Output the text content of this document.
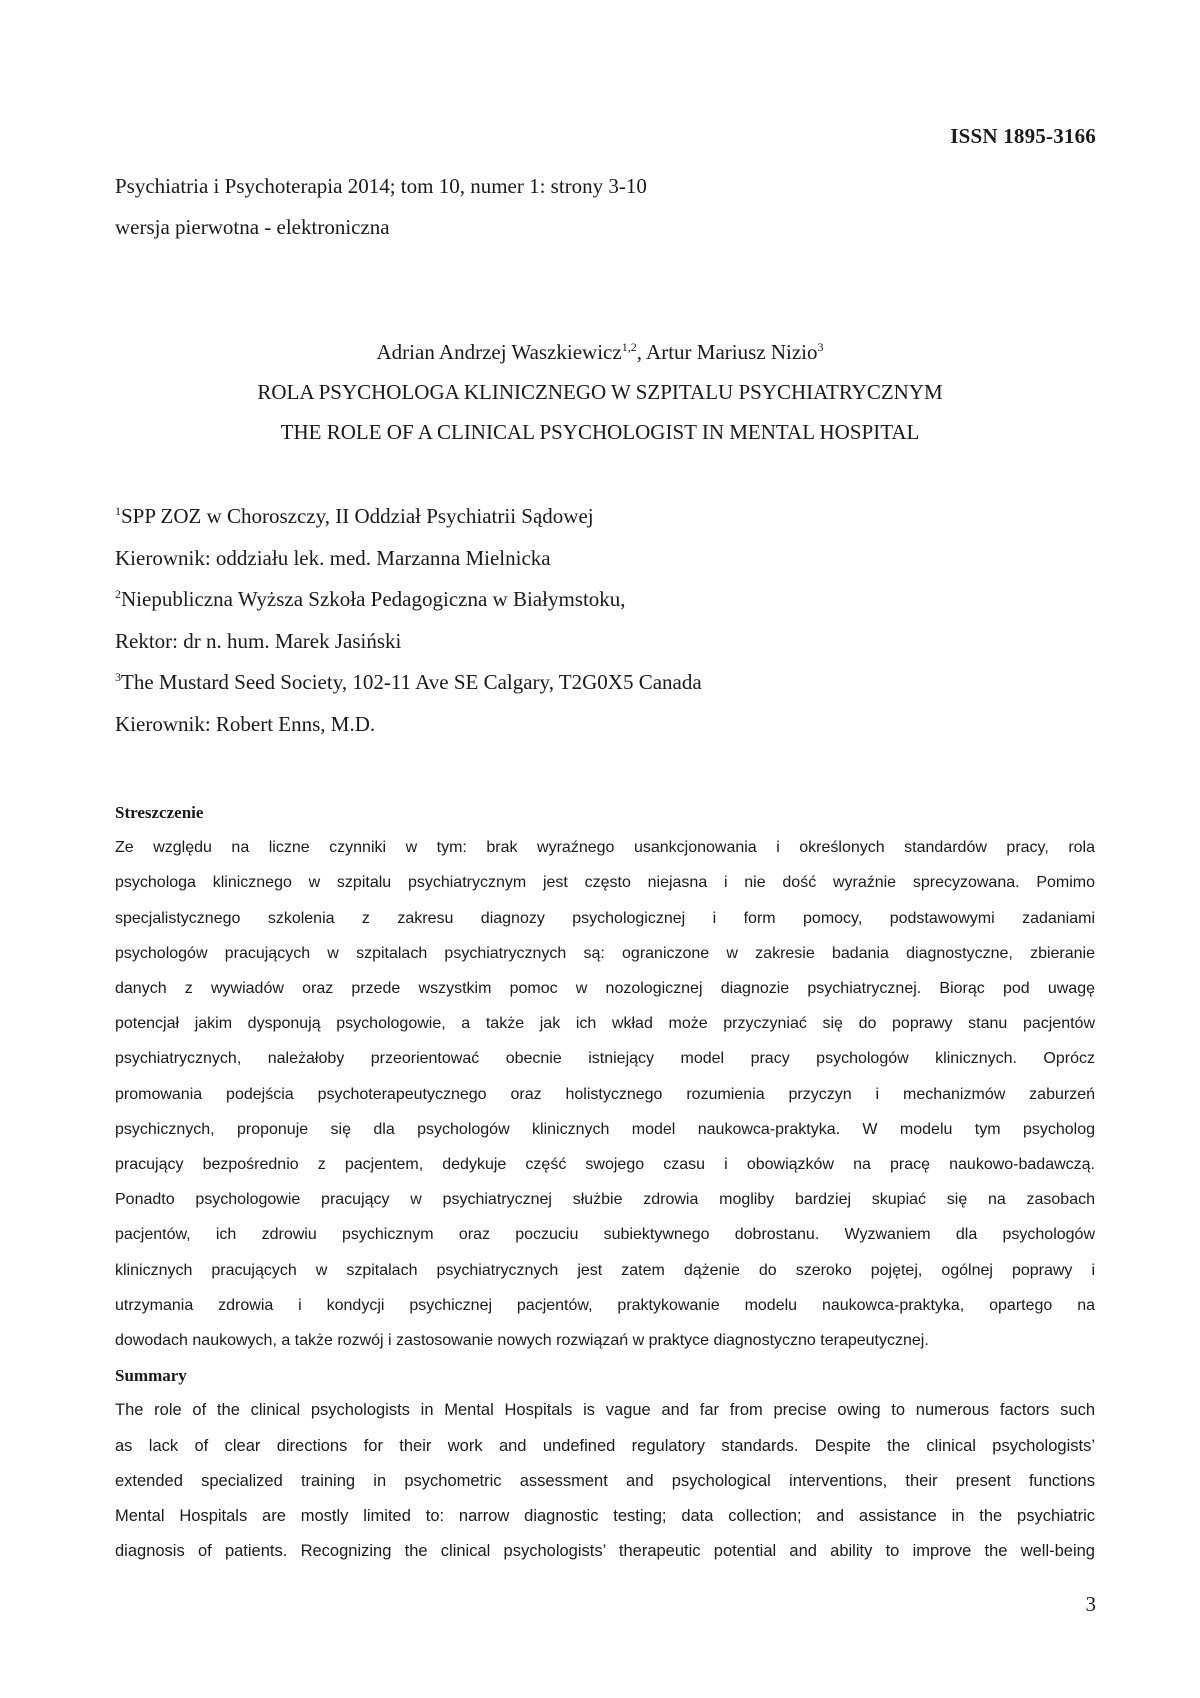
ISSN 1895-3166
Psychiatria i Psychoterapia 2014; tom 10, numer 1: strony 3-10
wersja pierwotna - elektroniczna
Adrian Andrzej Waszkiewicz$^{1,2}$, Artur Mariusz Nizio$^3$
ROLA PSYCHOLOGA KLINICZNEGO W SZPITALU PSYCHIATRYCZNYM
THE ROLE OF A CLINICAL PSYCHOLOGIST IN MENTAL HOSPITAL
$^1$SPP ZOZ w Choroszczy, II Oddział Psychiatrii Sądowej
Kierownik: oddziału lek. med. Marzanna Mielnicka
$^2$Niepubliczna Wyższa Szkoła Pedagogiczna w Białymstoku,
Rektor: dr n. hum. Marek Jasiński
$^3$The Mustard Seed Society, 102-11 Ave SE Calgary, T2G0X5 Canada
Kierownik: Robert Enns, M.D.
Streszczenie
Ze względu na liczne czynniki w tym: brak wyraźnego usankcjonowania i określonych standardów pracy, rola
psychologa klinicznego w szpitalu psychiatrycznym jest często niejasna i nie dość wyraźnie sprecyzowana. Pomimo
specjalistycznego szkolenia z zakresu diagnozy psychologicznej i form pomocy, podstawowymi zadaniami
psychologów pracujących w szpitalach psychiatrycznych są: ograniczone w zakresie badania diagnostyczne, zbieranie
danych z wywiadów oraz przede wszystkim pomoc w nozologicznej diagnozie psychiatrycznej. Biorąc pod uwagę
potencjał jakim dysponują psychologowie, a także jak ich wkład może przyczyniać się do poprawy stanu pacjentów
psychiatrycznych, należałoby przeorientować obecnie istniejący model pracy psychologów klinicznych. Oprócz
promowania podejścia psychoterapeutycznego oraz holistycznego rozumienia przyczyn i mechanizmów zaburzeń
psychicznych, proponuje się dla psychologów klinicznych model naukowca-praktyka. W modelu tym psycholog
pracujący bezpośrednio z pacjentem, dedykuje część swojego czasu i obowiązków na pracę naukowo-badawczą.
Ponadto psychologowie pracujący w psychiatrycznej służbie zdrowia mogliby bardziej skupiać się na zasobach
pacjentów, ich zdrowiu psychicznym oraz poczuciu subiektywnego dobrostanu. Wyzwaniem dla psychologów
klinicznych pracujących w szpitalach psychiatrycznych jest zatem dążenie do szeroko pojętej, ogólnej poprawy i
utrzymania zdrowia i kondycji psychicznej pacjentów, praktykowanie modelu naukowca-praktyka, opartego na
dowodach naukowych, a także rozwój i zastosowanie nowych rozwiązań w praktyce diagnostyczno terapeutycznej.
Summary
The role of the clinical psychologists in Mental Hospitals is vague and far from precise owing to numerous factors such
as lack of clear directions for their work and undefined regulatory standards. Despite the clinical psychologists’
extended specialized training in psychometric assessment and psychological interventions, their present functions
Mental Hospitals are mostly limited to: narrow diagnostic testing; data collection; and assistance in the psychiatric
diagnosis of patients. Recognizing the clinical psychologists’ therapeutic potential and ability to improve the well-being
3
